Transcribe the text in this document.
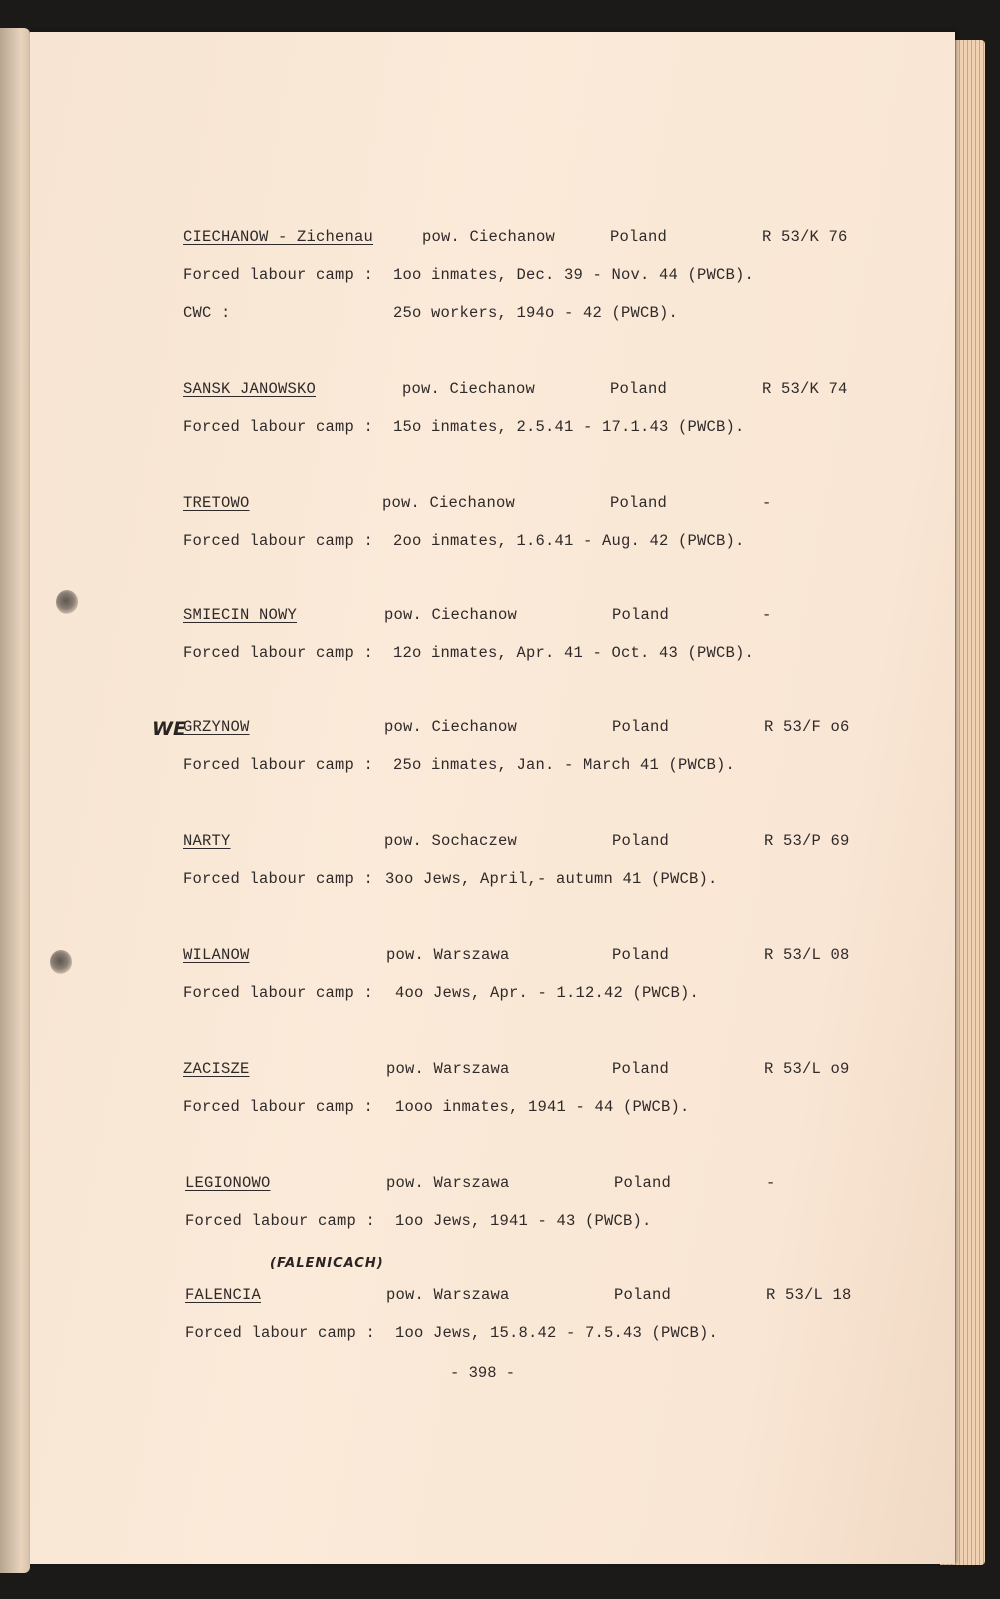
CIECHANOW - Zichenau	pow. Ciechanow	Poland	R 53/K 76
Forced labour camp : 1oo inmates, Dec. 39 - Nov. 44 (PWCB).
CWC :	25o workers, 194o - 42 (PWCB).
SANSK JANOWSKO	pow. Ciechanow	Poland	R 53/K 74
Forced labour camp : 15o inmates, 2.5.41 - 17.1.43 (PWCB).
TRETOWO	pow. Ciechanow	Poland	-
Forced labour camp : 2oo inmates, 1.6.41 - Aug. 42 (PWCB).
SMIECIN NOWY	pow. Ciechanow	Poland	-
Forced labour camp : 12o inmates, Apr. 41 - Oct. 43 (PWCB).
WE
GRZYNOW	pow. Ciechanow	Poland	R 53/F o6
Forced labour camp : 25o inmates, Jan. - March 41 (PWCB).
NARTY	pow. Sochaczew	Poland	R 53/P 69
Forced labour camp : 3oo Jews, April,- autumn 41 (PWCB).
WILANOW	pow. Warszawa	Poland	R 53/L 08
Forced labour camp : 4oo Jews, Apr. - 1.12.42 (PWCB).
ZACISZE	pow. Warszawa	Poland	R 53/L o9
Forced labour camp : 1ooo inmates, 1941 - 44 (PWCB).
LEGIONOWO	pow. Warszawa	Poland	-
Forced labour camp : 1oo Jews, 1941 - 43 (PWCB).
(FALENICACH)
FALENCIA	pow. Warszawa	Poland	R 53/L 18
Forced labour camp : 1oo Jews, 15.8.42 - 7.5.43 (PWCB).
- 398 -
